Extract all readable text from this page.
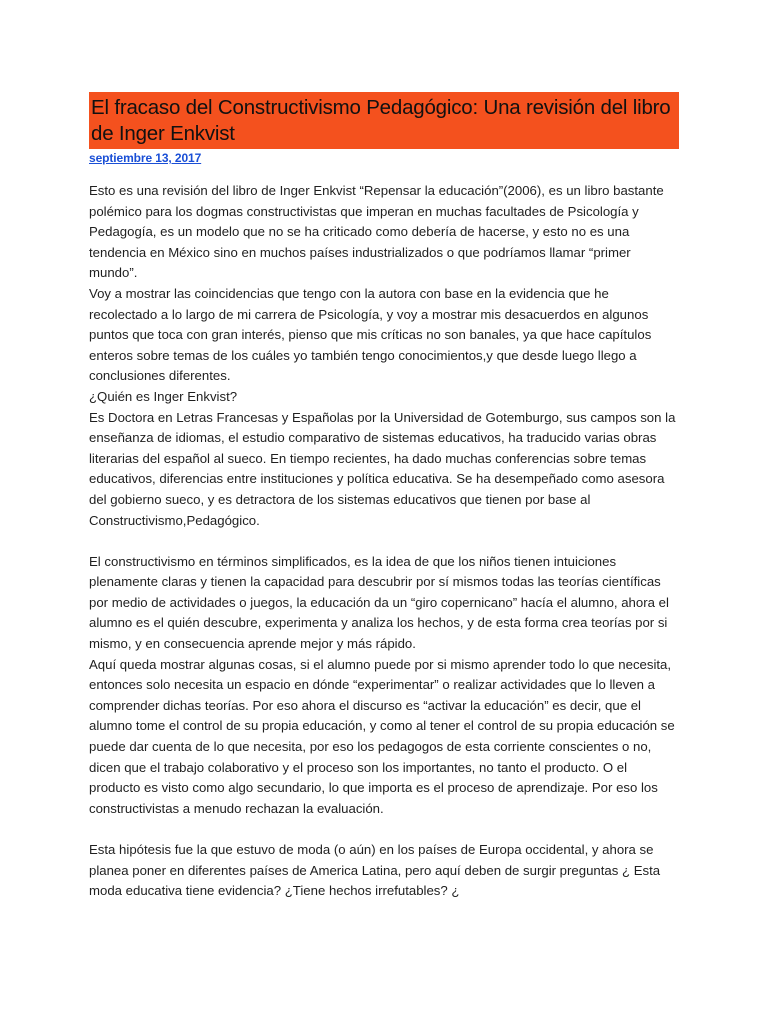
El fracaso del Constructivismo Pedagógico: Una revisión del libro de Inger Enkvist
septiembre 13, 2017

Esto es una revisión del libro de Inger Enkvist “Repensar la educación”(2006), es un libro bastante polémico para los dogmas constructivistas que imperan en muchas facultades de Psicología y Pedagogía, es un modelo que no se ha criticado como debería de hacerse, y esto no es una tendencia en México sino en muchos países industrializados o que podríamos llamar “primer mundo”.

Voy a mostrar las coincidencias que tengo con la autora con base en la evidencia que he recolectado a lo largo de mi carrera de Psicología, y voy a mostrar mis desacuerdos en algunos puntos que toca con gran interés, pienso que mis críticas no son banales, ya que hace capítulos enteros sobre temas de los cuáles yo también tengo conocimientos,y que desde luego llego a conclusiones diferentes.

¿Quién es Inger Enkvist?

Es Doctora en Letras Francesas y Españolas por la Universidad de Gotemburgo, sus campos son la enseñanza de idiomas, el estudio comparativo de sistemas educativos, ha traducido varias obras literarias del español al sueco. En tiempo recientes, ha dado muchas conferencias sobre temas educativos, diferencias entre instituciones y política educativa. Se ha desempeñado como asesora del gobierno sueco, y es detractora de los sistemas educativos que tienen por base al Constructivismo,Pedagógico.

El constructivismo en términos simplificados, es la idea de que los niños tienen intuiciones plenamente claras y tienen la capacidad para descubrir por sí mismos todas las teorías científicas por medio de actividades o juegos, la educación da un “giro copernicano” hacía el alumno, ahora el alumno es el quién descubre, experimenta y analiza los hechos, y de esta forma crea teorías por si mismo, y en consecuencia aprende mejor y más rápido.

Aquí queda mostrar algunas cosas, si el alumno puede por si mismo aprender todo lo que necesita, entonces solo necesita un espacio en dónde “experimentar” o realizar actividades que lo lleven a comprender dichas teorías. Por eso ahora el discurso es “activar la educación” es decir, que el alumno tome el control de su propia educación, y como al tener el control de su propia educación se puede dar cuenta de lo que necesita, por eso los pedagogos de esta corriente conscientes o no, dicen que el trabajo colaborativo y el proceso son los importantes, no tanto el producto. O el producto es visto como algo secundario, lo que importa es el proceso de aprendizaje. Por eso los constructivistas a menudo rechazan la evaluación.

Esta hipótesis fue la que estuvo de moda (o aún) en los países de Europa occidental, y ahora se planea poner en diferentes países de America Latina, pero aquí deben de surgir preguntas ¿ Esta moda educativa tiene evidencia? ¿Tiene hechos irrefutables? ¿
